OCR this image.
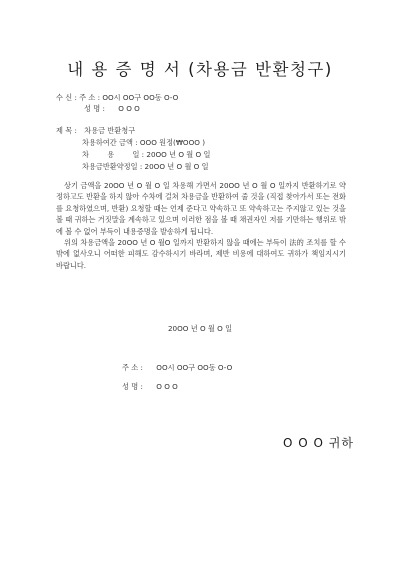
내 용 증 명 서 (차용금 반환청구)
수 신 : 주 소 : OO시 OO구 OO동 O-O
성 명 : O O O
제 목 : 차용금 반환청구
차용하여간 금액 : OOO 원정(₩OOO )
차        용        일 : 20OO 년 O 월 O 일
차용금반환약정일 : 20OO 년 O 월 O 일

상기 금액을 20OO 년 O 월 O 일 차용해 가면서 20OO 년 O 월 O 일까지 반환하기로 약정하고도 반환을 하지 않아 수차에 걸쳐 차용금을 반환하여 줄 것을 (직접 찾아가서 또는 전화를 요청하였으며, 반환) 요청할 때는 언제 준다고 약속하고 또 약속하고는 주지않고 있는 것을 볼 때 귀하는 거짓말을 계속하고 있으며 이러한 점을 볼 때 채권자인 저를 기만하는 행위로 밖에 볼 수 없어 부득이 내용증명을 발송하게 됩니다.

위의 차용금액을 20OO 년 O 월O 일까지 반환하지 않을 때에는 부득이 法的 조치를 할 수밖에 없사오니 어떠한 피해도 감수하시기 바라며, 제반 비용에 대하여도 귀하가 책임지시기 바랍니다.

20OO 년 O 월 O 일
주 소 : OO시 OO구 OO동 O-O
성 명 : O O O
O O O 귀하
